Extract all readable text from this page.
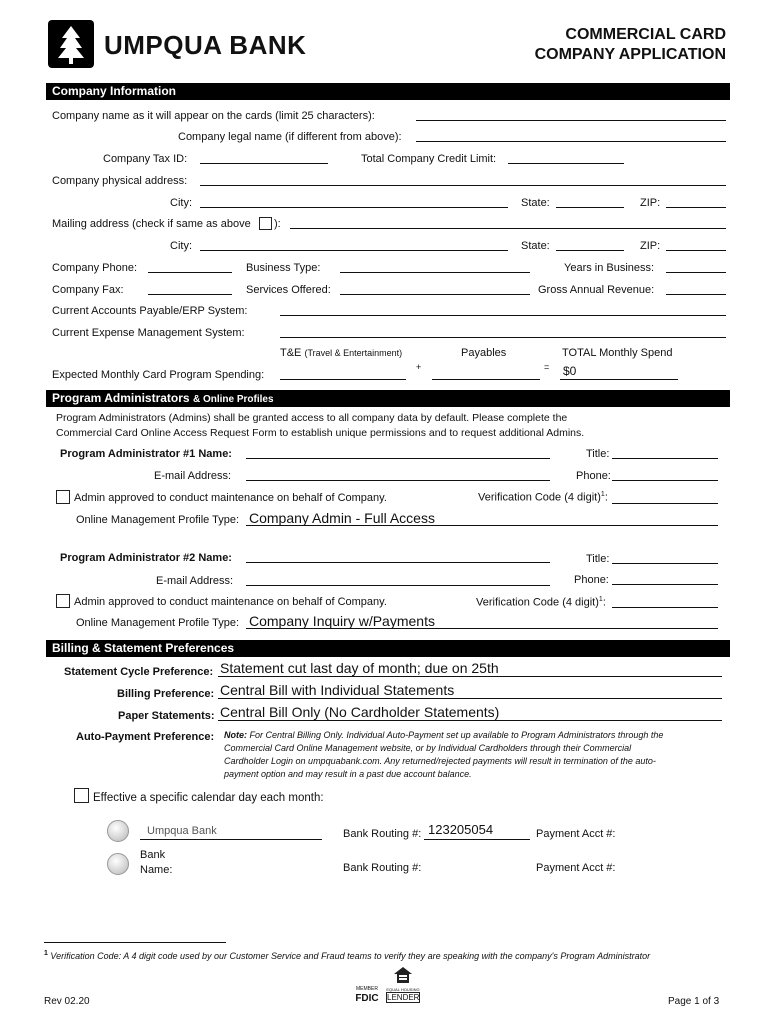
UMPQUA BANK	COMMERCIAL CARD
COMPANY APPLICATION
Company Information
Company name as it will appear on the cards (limit 25 characters):
Company legal name (if different from above):
Company Tax ID:	Total Company Credit Limit:
Company physical address:
City:	State:	ZIP:
Mailing address (check if same as above ):
City:	State:	ZIP:
Company Phone:	Business Type:	Years in Business:
Company Fax:	Services Offered:	Gross Annual Revenue:
Current Accounts Payable/ERP System:
Current Expense Management System:
T&E (Travel & Entertainment)	Payables	TOTAL Monthly Spend
Expected Monthly Card Program Spending:
+	= $0
Program Administrators & Online Profiles
Program Administrators (Admins) shall be granted access to all company data by default. Please complete the
Commercial Card Online Access Request Form to establish unique permissions and to request additional Admins.
Program Administrator #1 Name:	Title:
E-mail Address:	Phone:
Admin approved to conduct maintenance on behalf of Company.	Verification Code (4 digit)$^1$:
Online Management Profile Type: Company Admin - Full Access
Program Administrator #2 Name:	Title:
E-mail Address:	Phone:
Admin approved to conduct maintenance on behalf of Company.	Verification Code (4 digit)$^1$:
Online Management Profile Type: Company Inquiry w/Payments
Billing & Statement Preferences
Statement Cycle Preference: Statement cut last day of month; due on 25th
Billing Preference: Central Bill with Individual Statements
Paper Statements: Central Bill Only (No Cardholder Statements)
Auto-Payment Preference: Note: For Central Billing Only. Individual Auto-Payment set up available to Program Administrators through the
Commercial Card Online Management website, or by Individual Cardholders through their Commercial
Cardholder Login on umpquabank.com. Any returned/rejected payments will result in termination of the auto-
payment option and may result in a past due account balance.
Effective a specific calendar day each month:
Umpqua Bank	Bank Routing #: 123205054	Payment Acct #:
Bank
Name:	Bank Routing #:	Payment Acct #:
$^1$ Verification Code: A 4 digit code used by our Customer Service and Fraud teams to verify they are speaking with the company's Program Administrator
Rev 02.20
MEMBER
FDIC
EQUAL HOUSING
LENDER	Page 1 of 3
